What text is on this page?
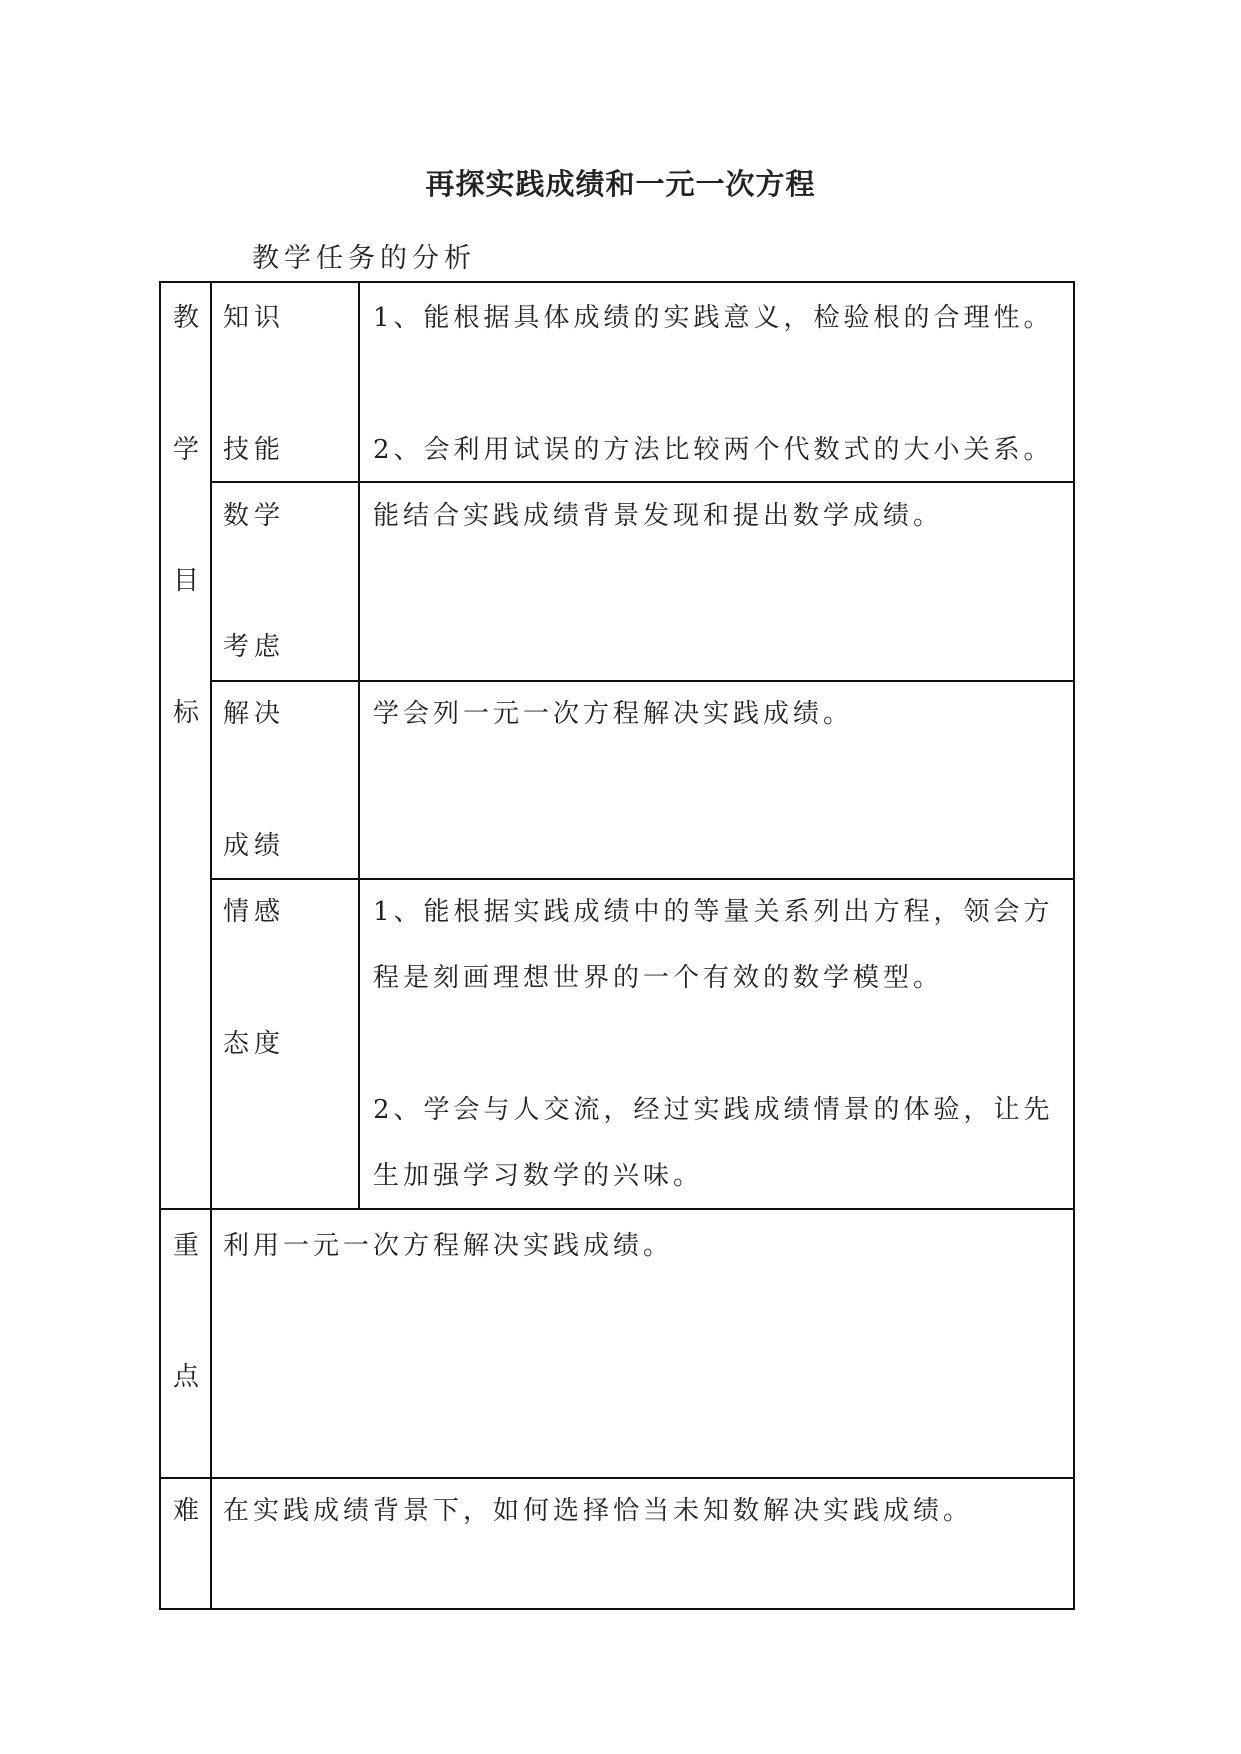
再探实践成绩和一元一次方程
教学任务的分析
教
学
目
标
知识
技能
1、能根据具体成绩的实践意义，检验根的合理性。
2、会利用试误的方法比较两个代数式的大小关系。
数学
考虑
能结合实践成绩背景发现和提出数学成绩。
解决
成绩
学会列一元一次方程解决实践成绩。
情感
态度
1、能根据实践成绩中的等量关系列出方程，领会方
程是刻画理想世界的一个有效的数学模型。
2、学会与人交流，经过实践成绩情景的体验，让先
生加强学习数学的兴味。
重
点
利用一元一次方程解决实践成绩。
难 在实践成绩背景下，如何选择恰当未知数解决实践成绩。
